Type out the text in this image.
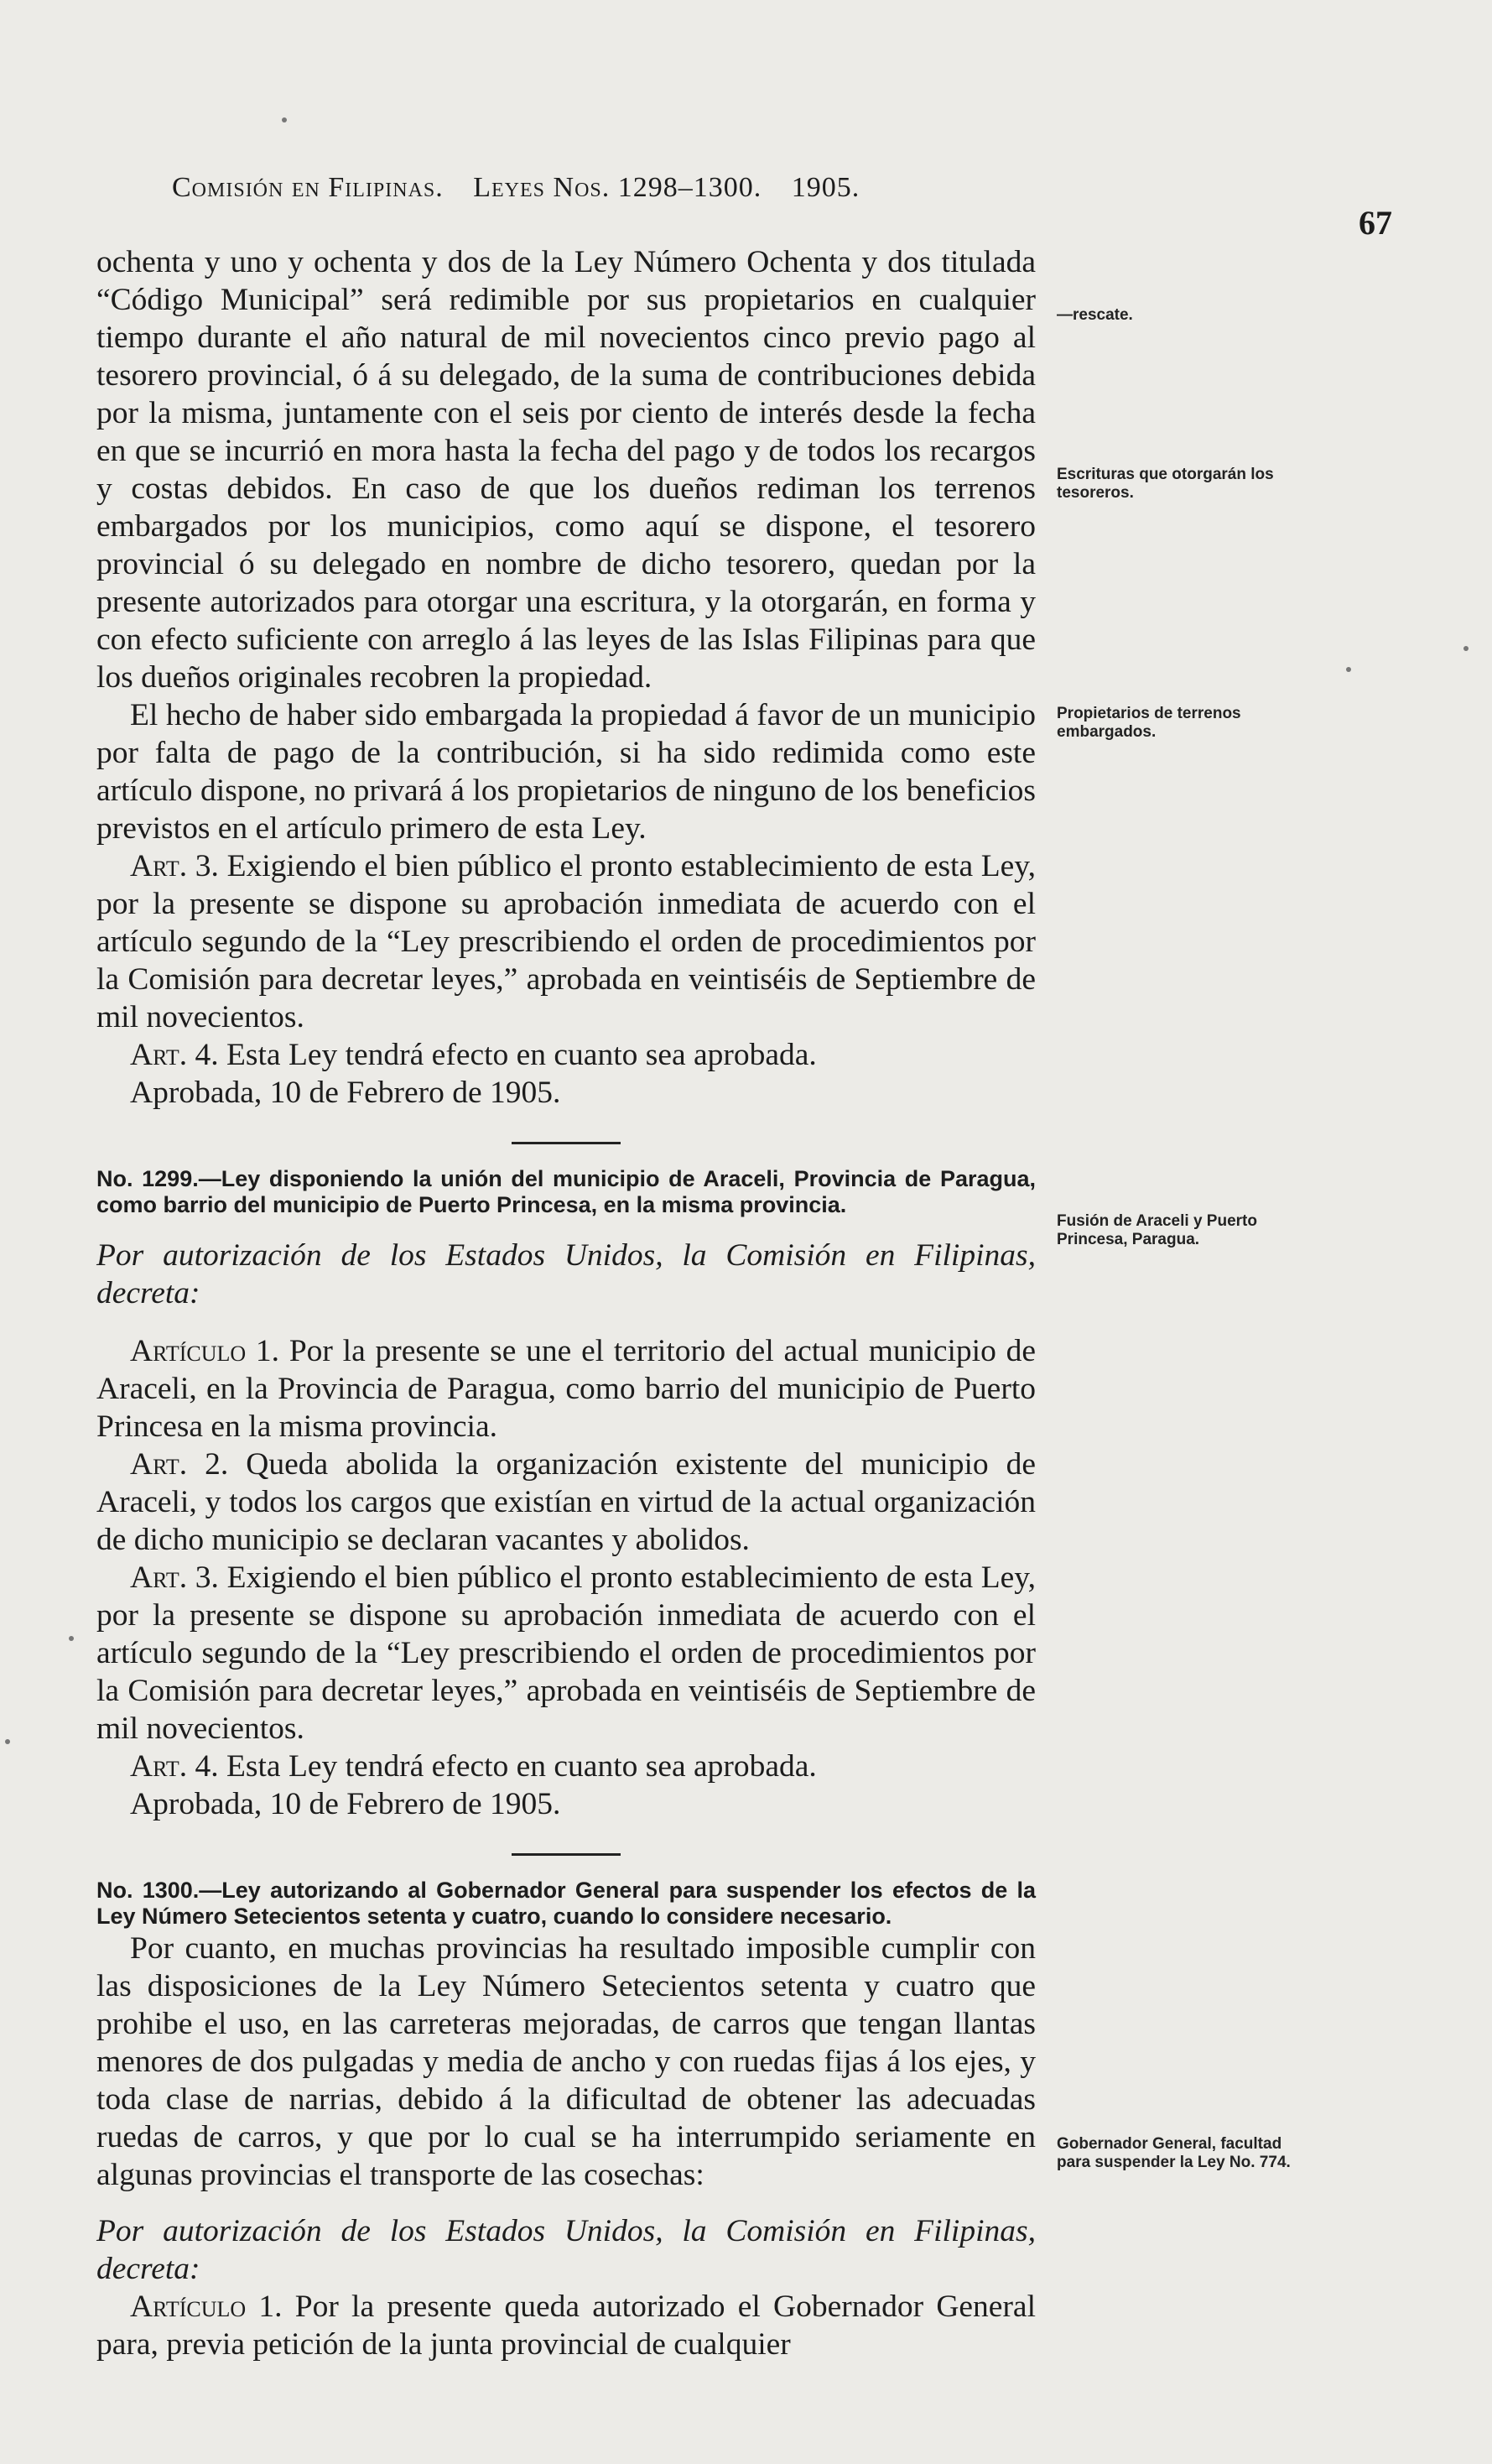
Comisión en Filipinas. Leyes Nos. 1298–1300. 1905.
67

ochenta y uno y ochenta y dos de la Ley Número Ochenta y dos titulada “Código Municipal” será redimible por sus propietarios en cualquier tiempo durante el año natural de mil novecientos cinco previo pago al tesorero provincial, ó á su delegado, de la suma de contribuciones debida por la misma, juntamente con el seis por ciento de interés desde la fecha en que se incurrió en mora hasta la fecha del pago y de todos los recargos y costas debidos. En caso de que los dueños rediman los terrenos embargados por los municipios, como aquí se dispone, el tesorero provincial ó su delegado en nombre de dicho tesorero, quedan por la presente autorizados para otorgar una escritura, y la otorgarán, en forma y con efecto suficiente con arreglo á las leyes de las Islas Filipinas para que los dueños originales recobren la propiedad.

El hecho de haber sido embargada la propiedad á favor de un municipio por falta de pago de la contribución, si ha sido redimida como este artículo dispone, no privará á los propietarios de ninguno de los beneficios previstos en el artículo primero de esta Ley.

Art. 3. Exigiendo el bien público el pronto establecimiento de esta Ley, por la presente se dispone su aprobación inmediata de acuerdo con el artículo segundo de la “Ley prescribiendo el orden de procedimientos por la Comisión para decretar leyes,” aprobada en veintiséis de Septiembre de mil novecientos.

Art. 4. Esta Ley tendrá efecto en cuanto sea aprobada.

Aprobada, 10 de Febrero de 1905.

No. 1299.—Ley disponiendo la unión del municipio de Araceli, Provincia de Paragua, como barrio del municipio de Puerto Princesa, en la misma provincia.

Por autorización de los Estados Unidos, la Comisión en Filipinas, decreta:

Artículo 1. Por la presente se une el territorio del actual municipio de Araceli, en la Provincia de Paragua, como barrio del municipio de Puerto Princesa en la misma provincia.

Art. 2. Queda abolida la organización existente del municipio de Araceli, y todos los cargos que existían en virtud de la actual organización de dicho municipio se declaran vacantes y abolidos.

Art. 3. Exigiendo el bien público el pronto establecimiento de esta Ley, por la presente se dispone su aprobación inmediata de acuerdo con el artículo segundo de la “Ley prescribiendo el orden de procedimientos por la Comisión para decretar leyes,” aprobada en veintiséis de Septiembre de mil novecientos.

Art. 4. Esta Ley tendrá efecto en cuanto sea aprobada.

Aprobada, 10 de Febrero de 1905.

No. 1300.—Ley autorizando al Gobernador General para suspender los efectos de la Ley Número Setecientos setenta y cuatro, cuando lo considere necesario.

Por cuanto, en muchas provincias ha resultado imposible cumplir con las disposiciones de la Ley Número Setecientos setenta y cuatro que prohibe el uso, en las carreteras mejoradas, de carros que tengan llantas menores de dos pulgadas y media de ancho y con ruedas fijas á los ejes, y toda clase de narrias, debido á la dificultad de obtener las adecuadas ruedas de carros, y que por lo cual se ha interrumpido seriamente en algunas provincias el transporte de las cosechas:

Por autorización de los Estados Unidos, la Comisión en Filipinas, decreta:

Artículo 1. Por la presente queda autorizado el Gobernador General para, previa petición de la junta provincial de cualquier

—rescate.
Escrituras que otorgarán los tesoreros.
Propietarios de terrenos embargados.
Fusión de Araceli y Puerto Princesa, Paragua.
Gobernador General, facultad para suspender la Ley No. 774.
